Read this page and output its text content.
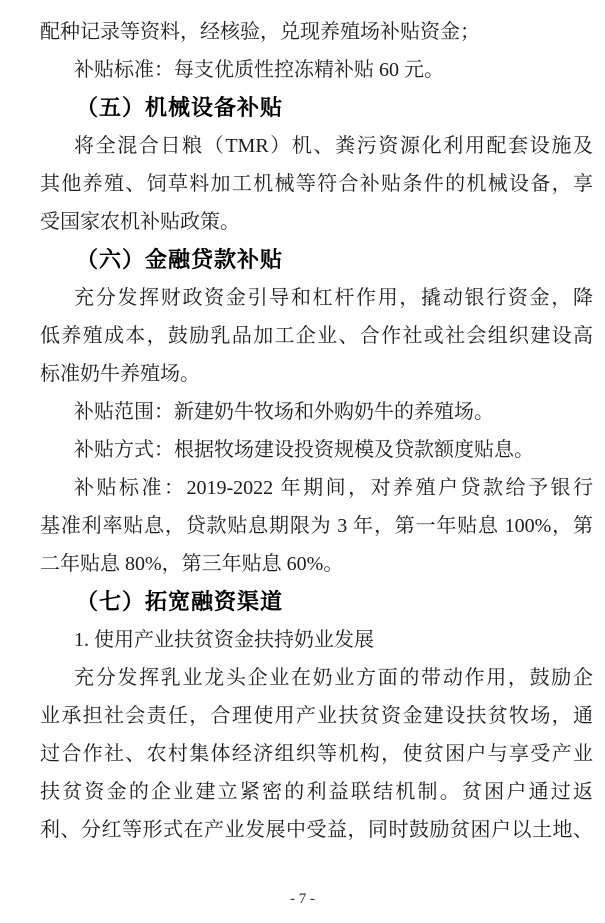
配种记录等资料，经核验，兑现养殖场补贴资金；
补贴标准：每支优质性控冻精补贴 60 元。
（五）机械设备补贴
将全混合日粮（TMR）机、粪污资源化利用配套设施及
其他养殖、饲草料加工机械等符合补贴条件的机械设备，享
受国家农机补贴政策。
（六）金融贷款补贴
充分发挥财政资金引导和杠杆作用，撬动银行资金，降
低养殖成本，鼓励乳品加工企业、合作社或社会组织建设高
标准奶牛养殖场。
补贴范围：新建奶牛牧场和外购奶牛的养殖场。
补贴方式：根据牧场建设投资规模及贷款额度贴息。
补贴标准：2019-2022 年期间，对养殖户贷款给予银行
基准利率贴息，贷款贴息期限为 3 年，第一年贴息 100%，第
二年贴息 80%，第三年贴息 60%。
（七）拓宽融资渠道
1. 使用产业扶贫资金扶持奶业发展
充分发挥乳业龙头企业在奶业方面的带动作用，鼓励企
业承担社会责任，合理使用产业扶贫资金建设扶贫牧场，通
过合作社、农村集体经济组织等机构，使贫困户与享受产业
扶贫资金的企业建立紧密的利益联结机制。贫困户通过返
利、分红等形式在产业发展中受益，同时鼓励贫困户以土地、
- 7 -
